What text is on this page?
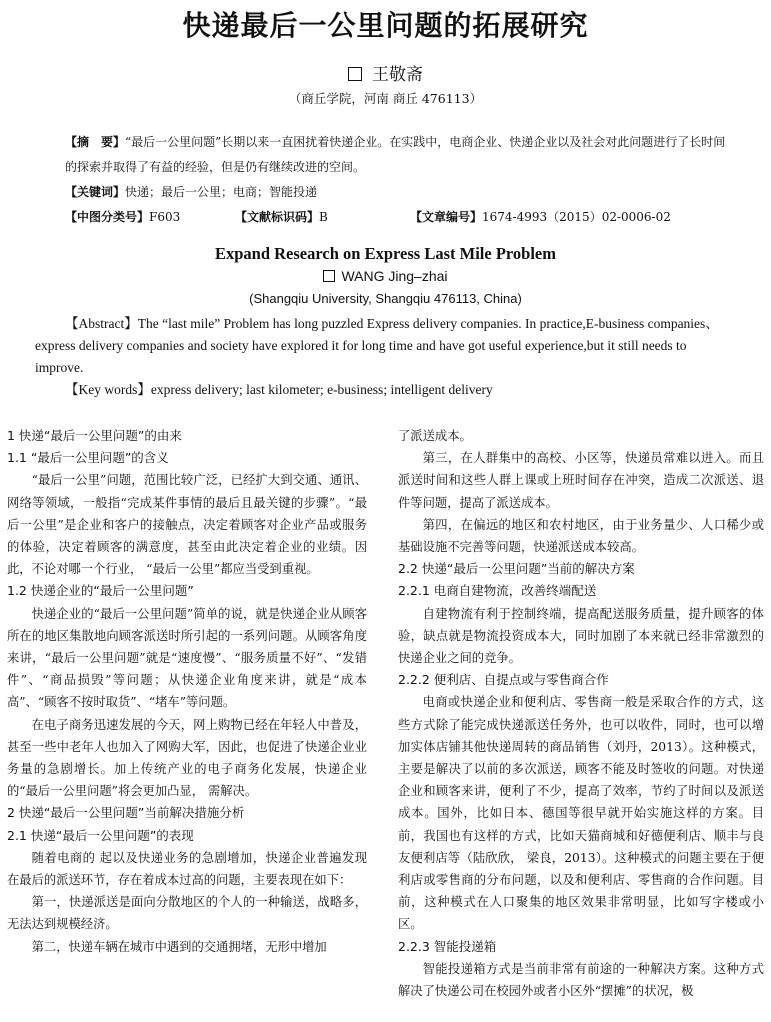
快递最后一公里问题的拓展研究
王敬斋
（商丘学院，河南 商丘 476113）
【摘　要】“最后一公里问题”长期以来一直困扰着快递企业。在实践中，电商企业、快递企业以及社会对此问题进行了长时间的探索并取得了有益的经验，但是仍有继续改进的空间。
【关键词】快递；最后一公里；电商；智能投递
【中图分类号】F603	【文献标识码】B	【文章编号】1674-4993（2015）02-0006-02
Expand Research on Express Last Mile Problem
WANG Jing–zhai
(Shangqiu University, Shangqiu 476113, China)

【Abstract】The “last mile” Problem has long puzzled Express delivery companies. In practice,E-business companies、express delivery companies and society have explored it for long time and have got useful experience,but it still needs to improve.

【Key words】express delivery; last kilometer; e-business; intelligent delivery

1 快递“最后一公里问题”的由来

1.1 “最后一公里问题”的含义

“最后一公里”问题，范围比较广泛，已经扩大到交通、通讯、网络等领域，一般指“完成某件事情的最后且最关键的步骤”。“最后一公里”是企业和客户的接触点，决定着顾客对企业产品或服务的体验，决定着顾客的满意度，甚至由此决定着企业的业绩。因此，不论对哪一个行业， “最后一公里”都应当受到重视。

1.2 快递企业的“最后一公里问题”

快递企业的“最后一公里问题”简单的说，就是快递企业从顾客所在的地区集散地向顾客派送时所引起的一系列问题。从顾客角度来讲，“最后一公里问题”就是“速度慢”、“服务质量不好”、“发错件”、“商品损毁”等问题；从快递企业角度来讲，就是“成本高”、“顾客不按时取货”、“堵车”等问题。

在电子商务迅速发展的今天，网上购物已经在年轻人中普及，甚至一些中老年人也加入了网购大军，因此，也促进了快递企业业务量的急剧增长。加上传统产业的电子商务化发展，快递企业的“最后一公里问题”将会更加凸显， 需解决。

2 快递“最后一公里问题”当前解决措施分析

2.1 快递“最后一公里问题”的表现

随着电商的 起以及快递业务的急剧增加，快递企业普遍发现在最后的派送环节，存在着成本过高的问题，主要表现在如下：

第一，快递派送是面向分散地区的个人的一种输送，战略多，无法达到规模经济。

第二，快递车辆在城市中遇到的交通拥堵，无形中增加

了派送成本。

第三，在人群集中的高校、小区等，快递员常难以进入。而且派送时间和这些人群上课或上班时间存在冲突，造成二次派送、退件等问题，提高了派送成本。

第四，在偏远的地区和农村地区，由于业务量少、人口稀少或基础设施不完善等问题，快递派送成本较高。

2.2 快递“最后一公里问题”当前的解决方案

2.2.1 电商自建物流，改善终端配送

自建物流有利于控制终端，提高配送服务质量，提升顾客的体验，缺点就是物流投资成本大，同时加剧了本来就已经非常激烈的快递企业之间的竞争。

2.2.2 便利店、自提点或与零售商合作

电商或快递企业和便利店、零售商一般是采取合作的方式，这些方式除了能完成快递派送任务外，也可以收件，同时，也可以增加实体店铺其他快递周转的商品销售（刘丹，2013）。这种模式，主要是解决了以前的多次派送，顾客不能及时签收的问题。对快递企业和顾客来讲，便利了不少，提高了效率，节约了时间以及派送成本。国外，比如日本、德国等很早就开始实施这样的方案。目前，我国也有这样的方式，比如天猫商城和好德便利店、顺丰与良友便利店等（陆欣欣， 梁良，2013）。这种模式的问题主要在于便利店或零售商的分布问题，以及和便利店、零售商的合作问题。目前，这种模式在人口聚集的地区效果非常明显，比如写字楼或小区。

2.2.3 智能投递箱

智能投递箱方式是当前非常有前途的一种解决方案。这种方式解决了快递公司在校园外或者小区外“摆摊”的状况，极
